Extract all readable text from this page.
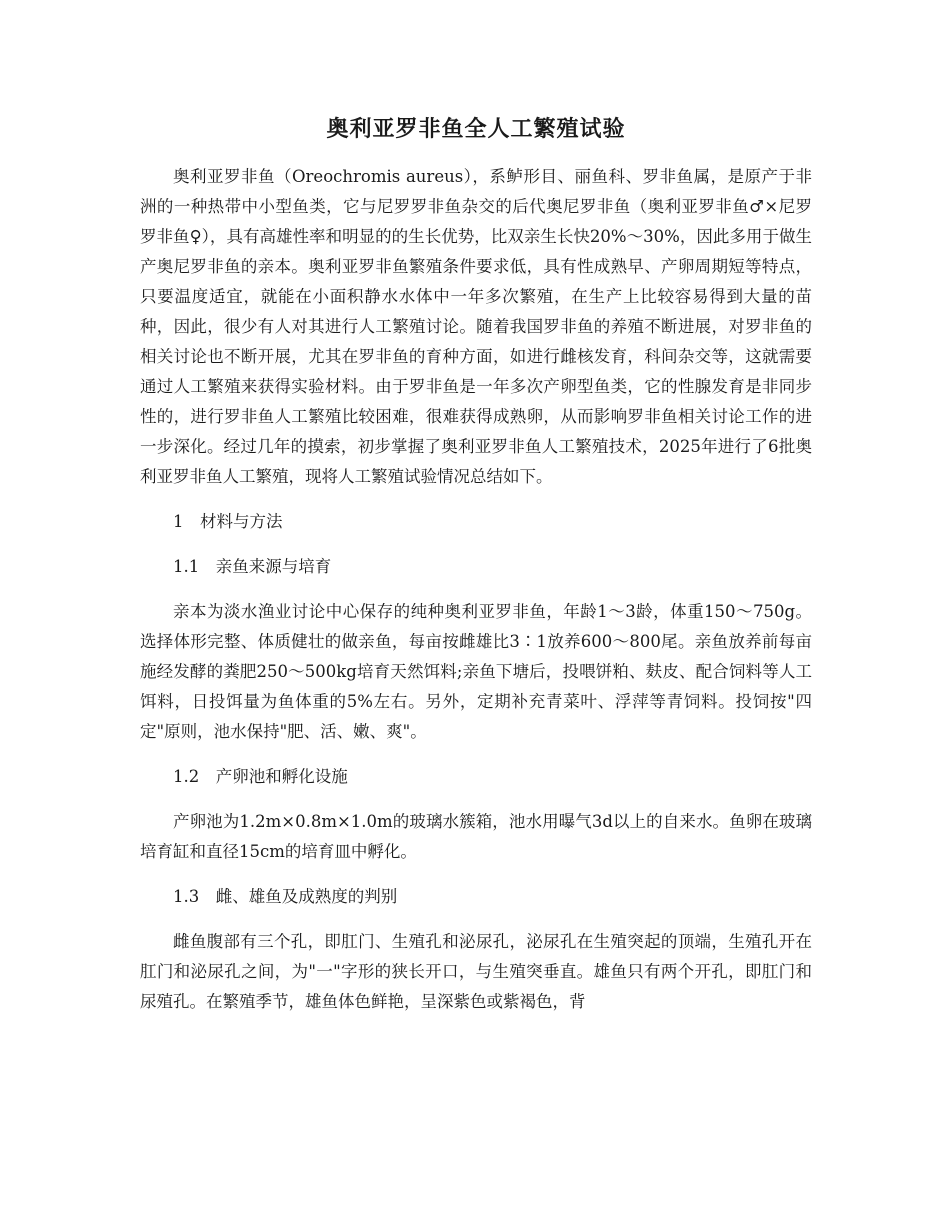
奥利亚罗非鱼全人工繁殖试验

奥利亚罗非鱼（Oreochromis aureus），系鲈形目、丽鱼科、罗非鱼属，是原产于非洲的一种热带中小型鱼类，它与尼罗罗非鱼杂交的后代奥尼罗非鱼（奥利亚罗非鱼♂×尼罗罗非鱼♀），具有高雄性率和明显的的生长优势，比双亲生长快20%～30%，因此多用于做生产奥尼罗非鱼的亲本。奥利亚罗非鱼繁殖条件要求低，具有性成熟早、产卵周期短等特点，只要温度适宜，就能在小面积静水水体中一年多次繁殖，在生产上比较容易得到大量的苗种，因此，很少有人对其进行人工繁殖讨论。随着我国罗非鱼的养殖不断进展，对罗非鱼的相关讨论也不断开展，尤其在罗非鱼的育种方面，如进行雌核发育，科间杂交等，这就需要通过人工繁殖来获得实验材料。由于罗非鱼是一年多次产卵型鱼类，它的性腺发育是非同步性的，进行罗非鱼人工繁殖比较困难，很难获得成熟卵，从而影响罗非鱼相关讨论工作的进一步深化。经过几年的摸索，初步掌握了奥利亚罗非鱼人工繁殖技术，2025年进行了6批奥利亚罗非鱼人工繁殖，现将人工繁殖试验情况总结如下。

1　材料与方法

1.1　亲鱼来源与培育

亲本为淡水渔业讨论中心保存的纯种奥利亚罗非鱼，年龄1～3龄，体重150～750g。选择体形完整、体质健壮的做亲鱼，每亩按雌雄比3∶1放养600～800尾。亲鱼放养前每亩施经发酵的粪肥250～500kg培育天然饵料;亲鱼下塘后，投喂饼粕、麸皮、配合饲料等人工饵料，日投饵量为鱼体重的5%左右。另外，定期补充青菜叶、浮萍等青饲料。投饲按"四定"原则，池水保持"肥、活、嫩、爽"。

1.2　产卵池和孵化设施

产卵池为1.2m×0.8m×1.0m的玻璃水簇箱，池水用曝气3d以上的自来水。鱼卵在玻璃培育缸和直径15cm的培育皿中孵化。

1.3　雌、雄鱼及成熟度的判别

雌鱼腹部有三个孔，即肛门、生殖孔和泌尿孔，泌尿孔在生殖突起的顶端，生殖孔开在肛门和泌尿孔之间，为"一"字形的狭长开口，与生殖突垂直。雄鱼只有两个开孔，即肛门和尿殖孔。在繁殖季节，雄鱼体色鲜艳，呈深紫色或紫褐色，背
